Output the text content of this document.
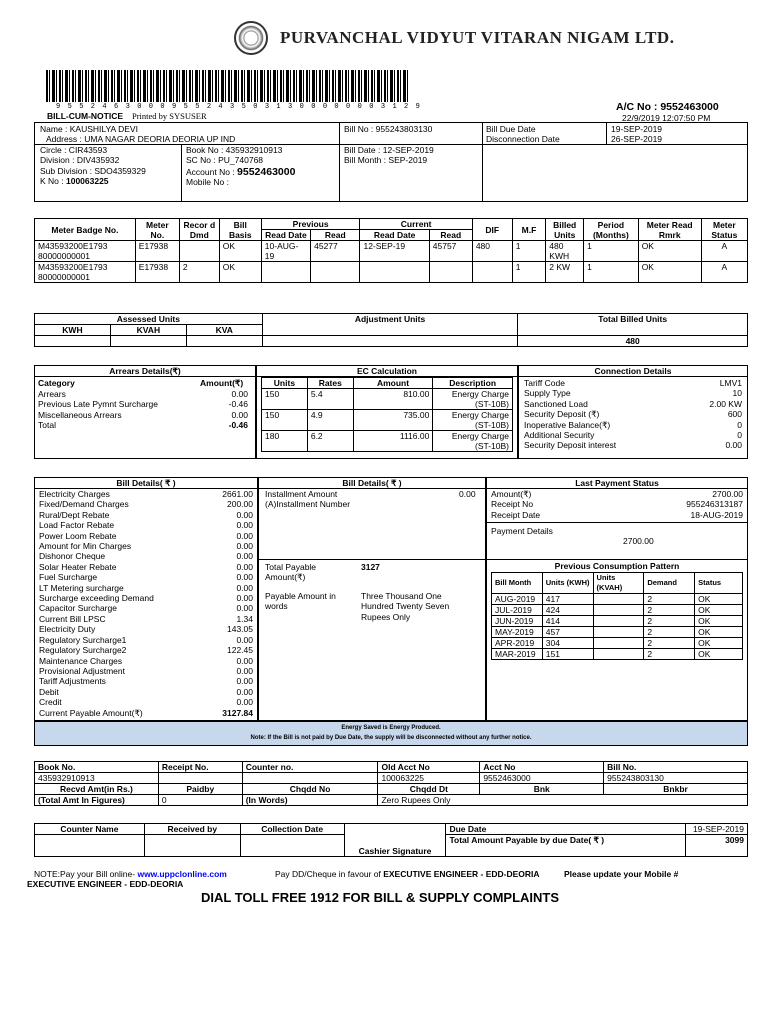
PURVANCHAL VIDYUT VITARAN NIGAM LTD.
9 5 5 2 4 6 3 0 0 0 9 5 5 2 4 3 5 0 3 1 3 0 0 0 0 0 0 0 3 1 2 9
BILL-CUM-NOTICE Printed by SYSUSER
A/C No : 9552463000
22/9/2019 12:07:50 PM
Name : KAUSHILYA DEVI
Address : UMA NAGAR DEORIA DEORIA UP IND
Bill No : 955243803130	Bill Due Date	19-SEP-2019
Disconnection Date	26-SEP-2019
Circle : CIR43593
Division : DIV435932
Sub Division : SDO4359329
K No : 100063225
Book No : 435932910913
SC No : PU_740768
Account No : 9552463000
Mobile No :
Bill Date : 12-SEP-2019
Bill Month : SEP-2019
Meter Badge No.	Meter No.	Recor d Dmd	Bill Basis	Previous		Current		DIF	M.F	Billed Units	Period (Months)	Meter Read Rmrk	Meter Status
				Read Date	Read	Read Date	Read						
M43593200E1793 80000000001	E17938		OK	10-AUG-19	45277	12-SEP-19	45757	480	1	480 KWH	1	OK	A
M43593200E1793 80000000001	E17938	2	OK						1	2 KW	1	OK	A
Assessed Units			Adjustment Units	Total Billed Units
KWH	KVAH	KVA		
				480
Arrears Details(₹)
Category	Amount(₹)
Arrears	0.00
Previous Late Pymnt Surcharge	-0.46
Miscellaneous Arrears	0.00
Total	-0.46
EC Calculation
Units	Rates	Amount	Description
150	5.4	810.00	Energy Charge (ST-10B)
150	4.9	735.00	Energy Charge (ST-10B)
180	6.2	1116.00	Energy Charge (ST-10B)
Connection Details
Tariff Code	LMV1
Supply Type	10
Sanctioned Load	2.00 KW
Security Deposit (₹)	600
Inoperative Balance(₹)	0
Additional Security	0
Security Deposit interest	0.00
Bill Details( ₹ )
Electricity Charges	2661.00
Fixed/Demand Charges	200.00
Rural/Dept Rebate	0.00
Load Factor Rebate	0.00
Power Loom Rebate	0.00
Amount for Min Charges	0.00
Dishonor Cheque	0.00
Solar Heater Rebate	0.00
Fuel Surcharge	0.00
LT Metering surcharge	0.00
Surcharge exceeding Demand	0.00
Capacitor Surcharge	0.00
Current Bill LPSC	1.34
Electricity Duty	143.05
Regulatory Surcharge1	0.00
Regulatory Surcharge2	122.45
Maintenance Charges	0.00
Provisional Adjustment	0.00
Tariff Adjustments	0.00
Debit	0.00
Credit	0.00
Current Payable Amount(₹)	3127.84
Bill Details( ₹ )
Installment Amount (A)Installment Number
0.00
Total Payable Amount(₹)
3127
Payable Amount in words
Three Thousand One Hundred Twenty Seven Rupees Only
Last Payment Status
Amount(₹)	2700.00
Receipt No	955246313187
Receipt Date	18-AUG-2019
Payment Details
2700.00
Previous Consumption Pattern
Bill Month	Units (KWH)	Units (KVAH)	Demand	Status
AUG-2019	417		2	OK
JUL-2019	424		2	OK
JUN-2019	414		2	OK
MAY-2019	457		2	OK
APR-2019	304		2	OK
MAR-2019	151		2	OK
Energy Saved is Energy Produced.
Note: If the Bill is not paid by Due Date, the supply will be disconnected without any further notice.
Book No.	Receipt No.	Counter no.	Old Acct No	Acct No	Bill No.
435932910913			100063225	9552463000	955243803130
Recvd Amt(in Rs.)	Paidby	Chqdd No	Chqdd Dt	Bnk	Bnkbr
(Total Amt In Figures)	0	(In Words)	Zero Rupees Only		
Counter Name	Received by	Collection Date	Cashier Signature	Due Date	19-SEP-2019
				Total Amount Payable by due Date( ₹ )	3099
NOTE:Pay your Bill online- www.uppclonline.com	Pay DD/Cheque in favour of EXECUTIVE ENGINEER - EDD-DEORIA	Please update your Mobile #
EXECUTIVE ENGINEER - EDD-DEORIA
DIAL TOLL FREE 1912 FOR BILL & SUPPLY COMPLAINTS
